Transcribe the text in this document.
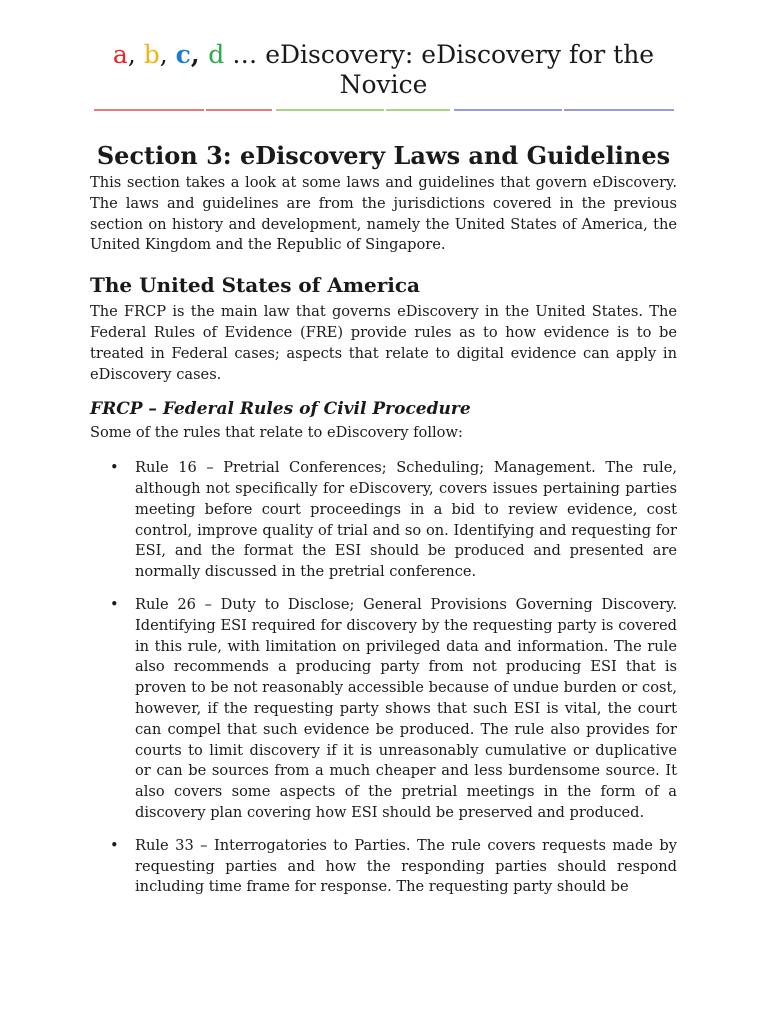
a, b, c, d … eDiscovery: eDiscovery for the Novice
Section 3: eDiscovery Laws and Guidelines

This section takes a look at some laws and guidelines that govern eDiscovery. The laws and guidelines are from the jurisdictions covered in the previous section on history and development, namely the United States of America, the United Kingdom and the Republic of Singapore.

The United States of America

The FRCP is the main law that governs eDiscovery in the United States. The Federal Rules of Evidence (FRE) provide rules as to how evidence is to be treated in Federal cases; aspects that relate to digital evidence can apply in eDiscovery cases.

FRCP – Federal Rules of Civil Procedure

Some of the rules that relate to eDiscovery follow:

• Rule 16 – Pretrial Conferences; Scheduling; Management. The rule, although not specifically for eDiscovery, covers issues pertaining parties meeting before court proceedings in a bid to review evidence, cost control, improve quality of trial and so on. Identifying and requesting for ESI, and the format the ESI should be produced and presented are normally discussed in the pretrial conference.

• Rule 26 – Duty to Disclose; General Provisions Governing Discovery. Identifying ESI required for discovery by the requesting party is covered in this rule, with limitation on privileged data and information. The rule also recommends a producing party from not producing ESI that is proven to be not reasonably accessible because of undue burden or cost, however, if the requesting party shows that such ESI is vital, the court can compel that such evidence be produced. The rule also provides for courts to limit discovery if it is unreasonably cumulative or duplicative or can be sources from a much cheaper and less burdensome source. It also covers some aspects of the pretrial meetings in the form of a discovery plan covering how ESI should be preserved and produced.

• Rule 33 – Interrogatories to Parties. The rule covers requests made by requesting parties and how the responding parties should respond including time frame for response. The requesting party should be
